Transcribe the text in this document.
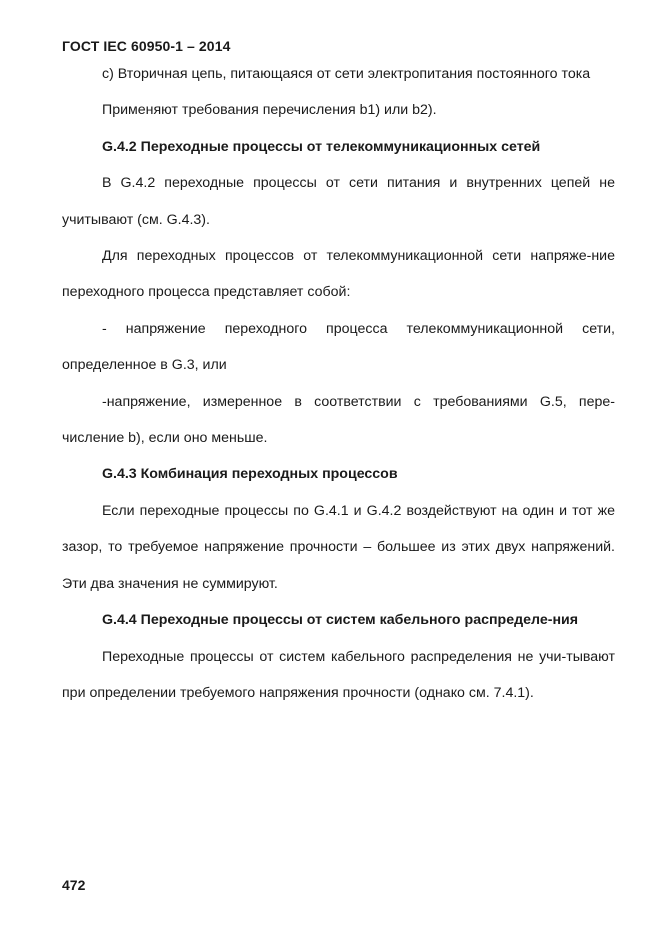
ГОСТ IEC 60950-1 – 2014

с) Вторичная цепь, питающаяся от сети электропитания постоянного тока

Применяют требования перечисления b1) или b2).

G.4.2 Переходные процессы от телекоммуникационных сетей

В G.4.2 переходные процессы от сети питания и внутренних цепей не учитывают (см. G.4.3).

Для переходных процессов от телекоммуникационной сети напряже-ние переходного процесса представляет собой:

- напряжение переходного процесса телекоммуникационной сети, определенное в G.3, или

-напряжение, измеренное в соответствии с требованиями G.5, пере-числение b), если оно меньше.

G.4.3 Комбинация переходных процессов

Если переходные процессы по G.4.1 и G.4.2 воздействуют на один и тот же зазор, то требуемое напряжение прочности – большее из этих двух напряжений. Эти два значения не суммируют.

G.4.4 Переходные процессы от систем кабельного распределе-ния

Переходные процессы от систем кабельного распределения не учи-тывают при определении требуемого напряжения прочности (однако см. 7.4.1).

472
